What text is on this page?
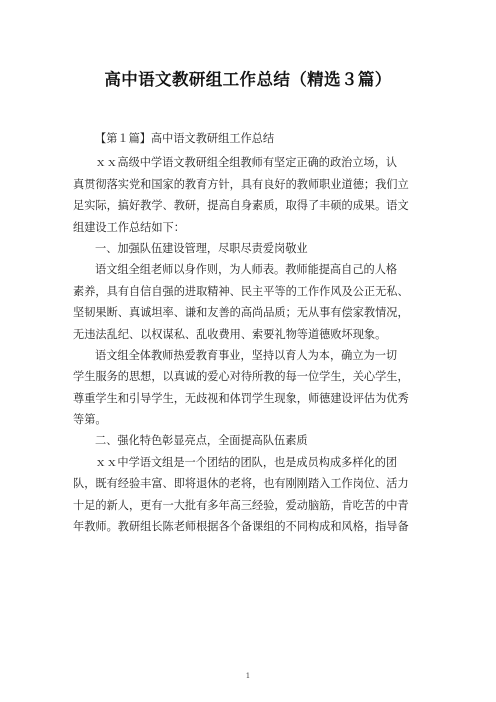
高中语文教研组工作总结（精选３篇）
【第１篇】高中语文教研组工作总结
ｘｘ高级中学语文教研组全组教师有坚定正确的政治立场，认
真贯彻落实党和国家的教育方针，具有良好的教师职业道德；我们立
足实际，搞好教学、教研，提高自身素质，取得了丰硕的成果。语文
组建设工作总结如下：
一、加强队伍建设管理，尽职尽责爱岗敬业
语文组全组老师以身作则，为人师表。教师能提高自己的人格
素养，具有自信自强的进取精神、民主平等的工作作风及公正无私、
坚韧果断、真诚坦率、谦和友善的高尚品质；无从事有偿家教情况，
无违法乱纪、以权谋私、乱收费用、索要礼物等道德败坏现象。
语文组全体教师热爱教育事业，坚持以育人为本，确立为一切
学生服务的思想，以真诚的爱心对待所教的每一位学生，关心学生，
尊重学生和引导学生，无歧视和体罚学生现象，师德建设评估为优秀
等第。
二、强化特色彰显亮点，全面提高队伍素质
ｘｘ中学语文组是一个团结的团队，也是成员构成多样化的团
队，既有经验丰富、即将退休的老将，也有刚刚踏入工作岗位、活力
十足的新人，更有一大批有多年高三经验，爱动脑筋，肯吃苦的中青
年教师。教研组长陈老师根据各个备课组的不同构成和风格，指导备
1
